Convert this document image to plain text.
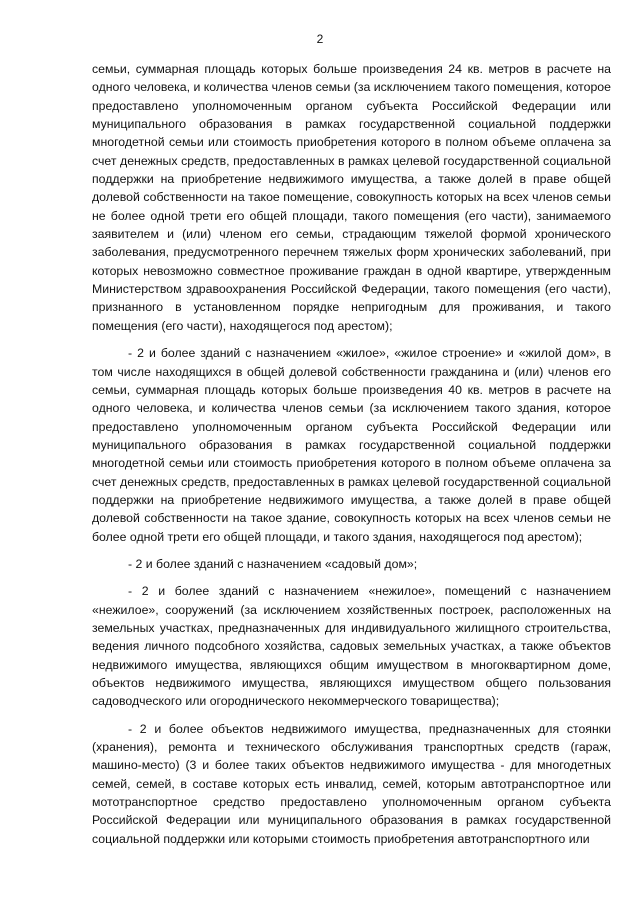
2

семьи, суммарная площадь которых больше произведения 24 кв. метров в расчете на одного человека, и количества членов семьи (за исключением такого помещения, которое предоставлено уполномоченным органом субъекта Российской Федерации или муниципального образования в рамках государственной социальной поддержки многодетной семьи или стоимость приобретения которого в полном объеме оплачена за счет денежных средств, предоставленных в рамках целевой государственной социальной поддержки на приобретение недвижимого имущества, а также долей в праве общей долевой собственности на такое помещение, совокупность которых на всех членов семьи не более одной трети его общей площади, такого помещения (его части), занимаемого заявителем и (или) членом его семьи, страдающим тяжелой формой хронического заболевания, предусмотренного перечнем тяжелых форм хронических заболеваний, при которых невозможно совместное проживание граждан в одной квартире, утвержденным Министерством здравоохранения Российской Федерации, такого помещения (его части), признанного в установленном порядке непригодным для проживания, и такого помещения (его части), находящегося под арестом);

- 2 и более зданий с назначением «жилое», «жилое строение» и «жилой дом», в том числе находящихся в общей долевой собственности гражданина и (или) членов его семьи, суммарная площадь которых больше произведения 40 кв. метров в расчете на одного человека, и количества членов семьи (за исключением такого здания, которое предоставлено уполномоченным органом субъекта Российской Федерации или муниципального образования в рамках государственной социальной поддержки многодетной семьи или стоимость приобретения которого в полном объеме оплачена за счет денежных средств, предоставленных в рамках целевой государственной социальной поддержки на приобретение недвижимого имущества, а также долей в праве общей долевой собственности на такое здание, совокупность которых на всех членов семьи не более одной трети его общей площади, и такого здания, находящегося под арестом);

- 2 и более зданий с назначением «садовый дом»;

- 2 и более зданий с назначением «нежилое», помещений с назначением «нежилое», сооружений (за исключением хозяйственных построек, расположенных на земельных участках, предназначенных для индивидуального жилищного строительства, ведения личного подсобного хозяйства, садовых земельных участках, а также объектов недвижимого имущества, являющихся общим имуществом в многоквартирном доме, объектов недвижимого имущества, являющихся имуществом общего пользования садоводческого или огороднического некоммерческого товарищества);

- 2 и более объектов недвижимого имущества, предназначенных для стоянки (хранения), ремонта и технического обслуживания транспортных средств (гараж, машино-место) (3 и более таких объектов недвижимого имущества - для многодетных семей, семей, в составе которых есть инвалид, семей, которым автотранспортное или мототранспортное средство предоставлено уполномоченным органом субъекта Российской Федерации или муниципального образования в рамках государственной социальной поддержки или которыми стоимость приобретения автотранспортного или
